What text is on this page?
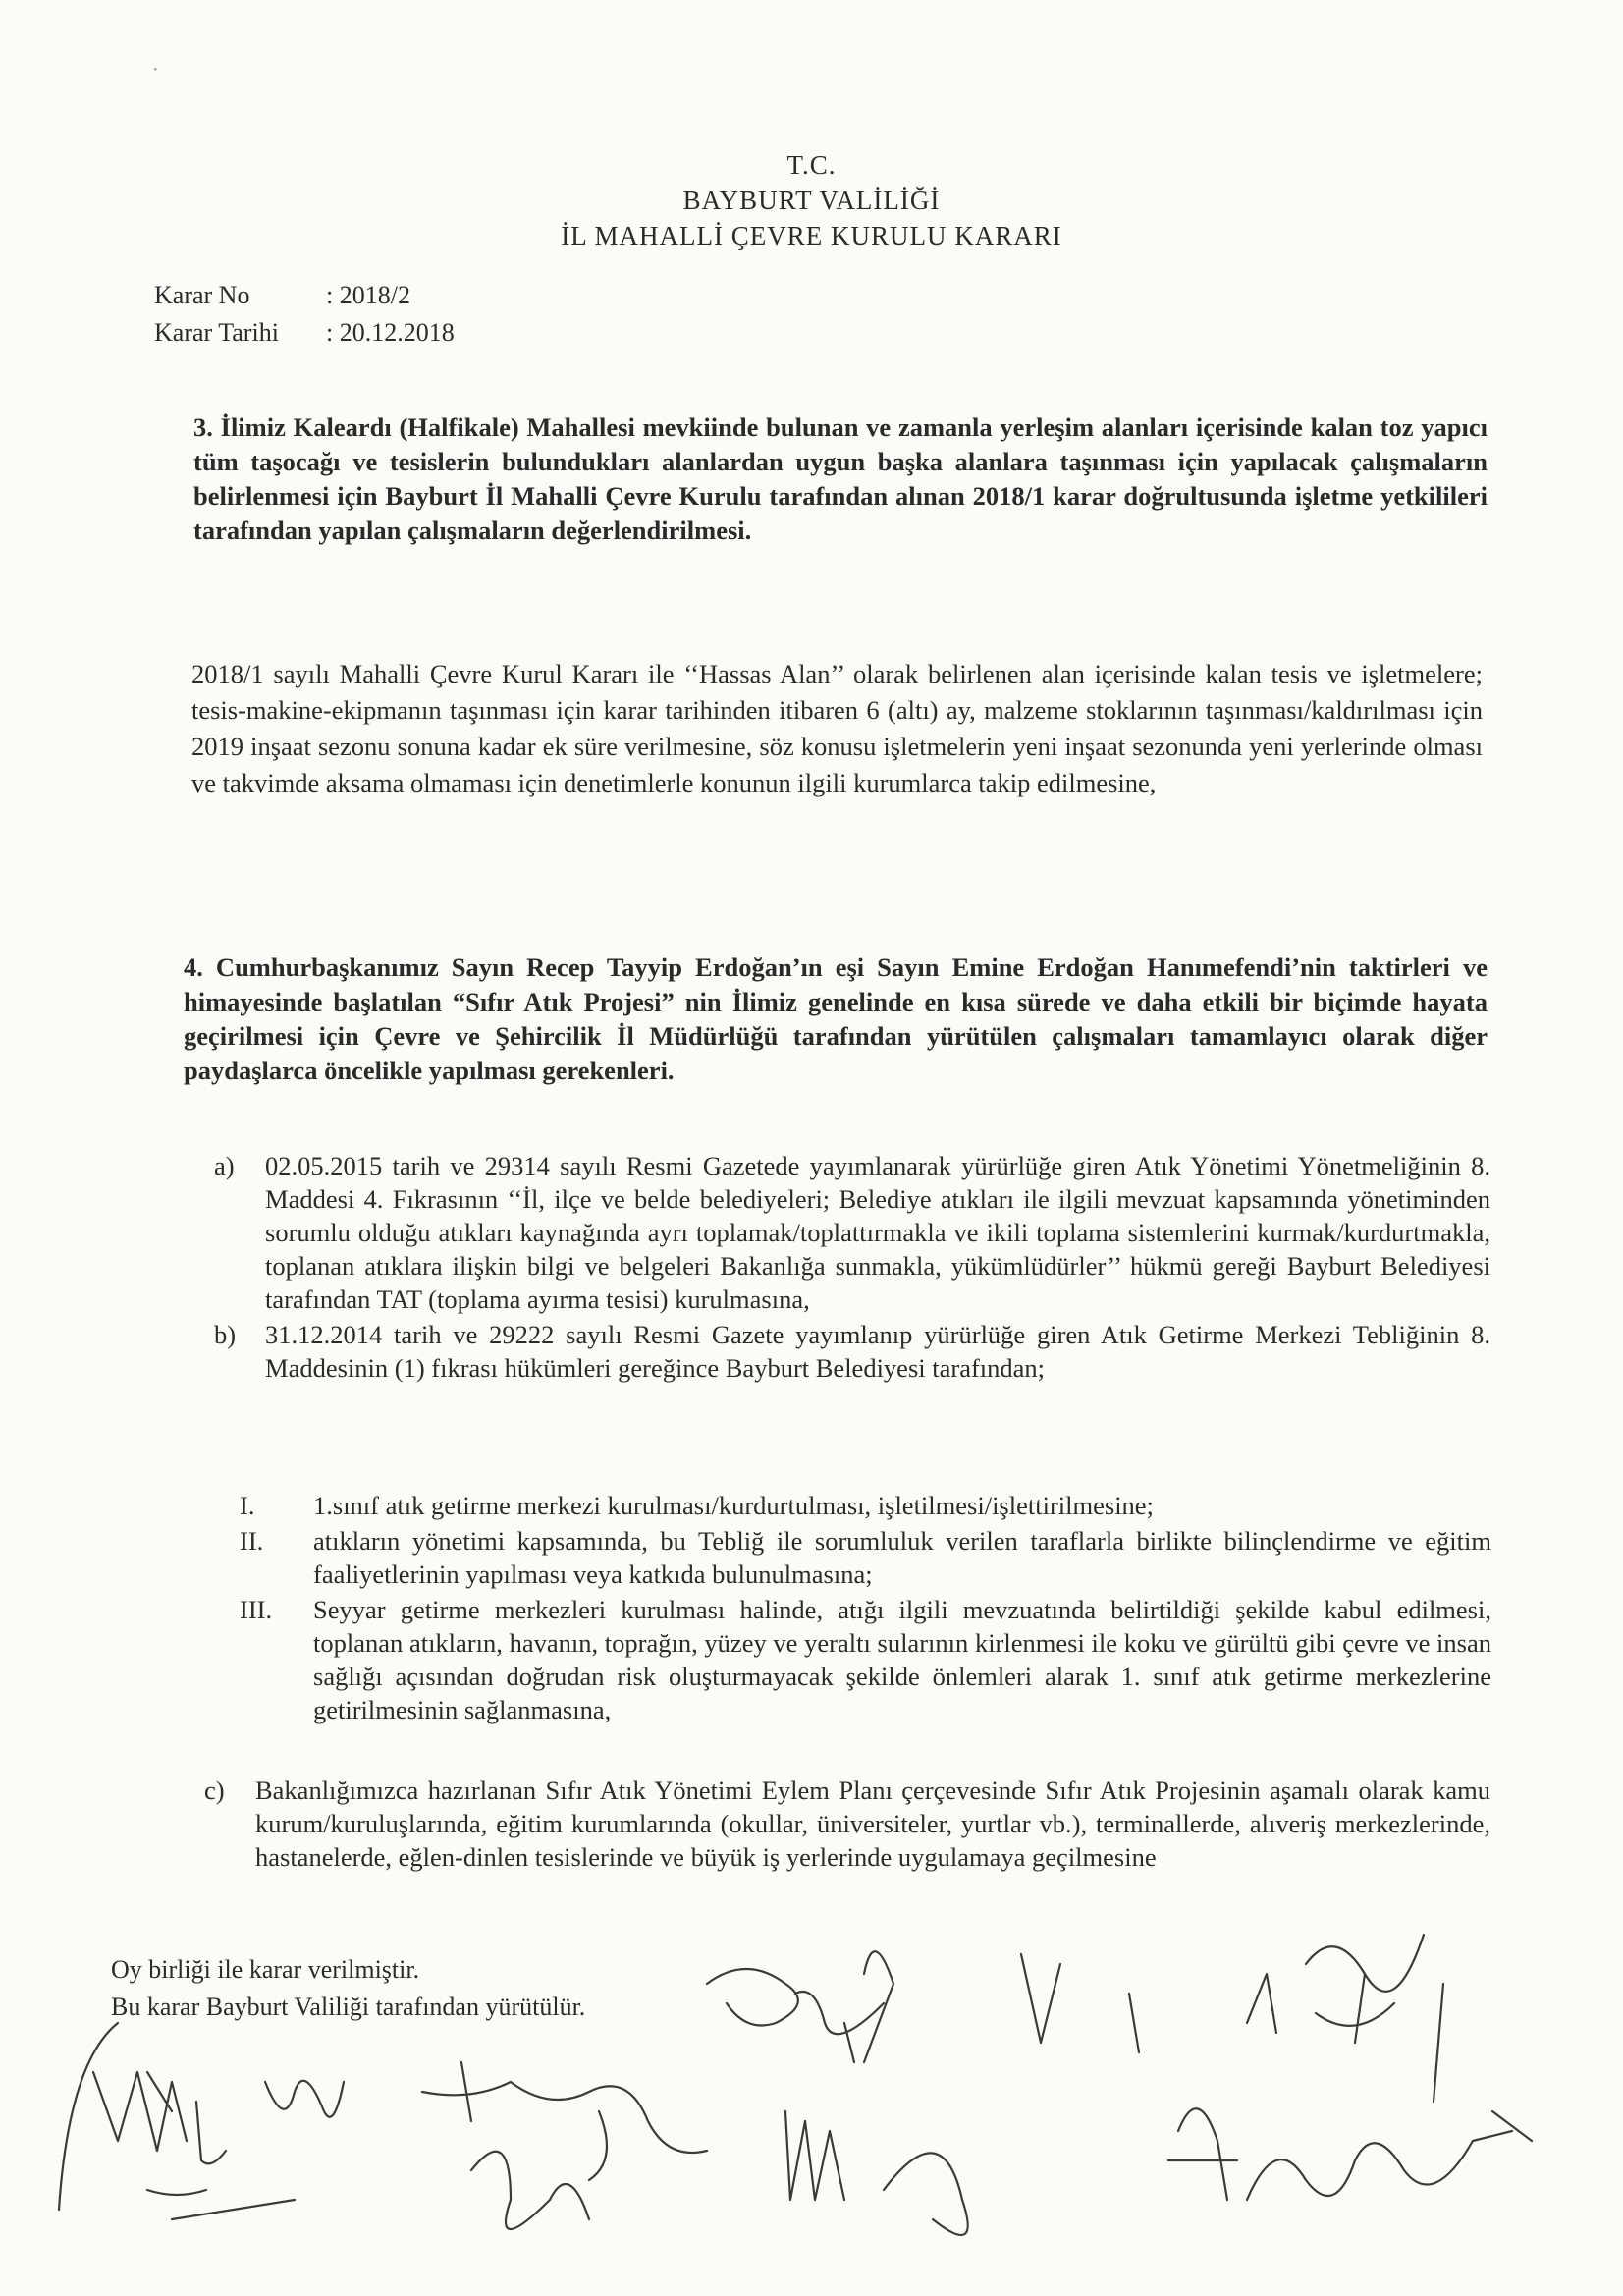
·
T.C.
BAYBURT VALİLİĞİ
İL MAHALLİ ÇEVRE KURULU KARARI
Karar No	: 2018/2
Karar Tarihi	: 20.12.2018
3. İlimiz Kaleardı (Halfikale) Mahallesi mevkiinde bulunan ve zamanla yerleşim alanları içerisinde kalan toz yapıcı tüm taşocağı ve tesislerin bulundukları alanlardan uygun başka alanlara taşınması için yapılacak çalışmaların belirlenmesi için Bayburt İl Mahalli Çevre Kurulu tarafından alınan 2018/1 karar doğrultusunda işletme yetkilileri tarafından yapılan çalışmaların değerlendirilmesi.
2018/1 sayılı Mahalli Çevre Kurul Kararı ile ‘‘Hassas Alan’’ olarak belirlenen alan içerisinde kalan tesis ve işletmelere; tesis-makine-ekipmanın taşınması için karar tarihinden itibaren 6 (altı) ay, malzeme stoklarının taşınması/kaldırılması için 2019 inşaat sezonu sonuna kadar ek süre verilmesine, söz konusu işletmelerin yeni inşaat sezonunda yeni yerlerinde olması ve takvimde aksama olmaması için denetimlerle konunun ilgili kurumlarca takip edilmesine,
4. Cumhurbaşkanımız Sayın Recep Tayyip Erdoğan’ın eşi Sayın Emine Erdoğan Hanımefendi’nin taktirleri ve himayesinde başlatılan “Sıfır Atık Projesi” nin İlimiz genelinde en kısa sürede ve daha etkili bir biçimde hayata geçirilmesi için Çevre ve Şehircilik İl Müdürlüğü tarafından yürütülen çalışmaları tamamlayıcı olarak diğer paydaşlarca öncelikle yapılması gerekenleri.
a)	02.05.2015 tarih ve 29314 sayılı Resmi Gazetede yayımlanarak yürürlüğe giren Atık Yönetimi Yönetmeliğinin 8. Maddesi 4. Fıkrasının ‘‘İl, ilçe ve belde belediyeleri; Belediye atıkları ile ilgili mevzuat kapsamında yönetiminden sorumlu olduğu atıkları kaynağında ayrı toplamak/toplattırmakla ve ikili toplama sistemlerini kurmak/kurdurtmakla, toplanan atıklara ilişkin bilgi ve belgeleri Bakanlığa sunmakla, yükümlüdürler’’ hükmü gereği Bayburt Belediyesi tarafından TAT (toplama ayırma tesisi) kurulmasına,
b)	31.12.2014 tarih ve 29222 sayılı Resmi Gazete yayımlanıp yürürlüğe giren Atık Getirme Merkezi Tebliğinin 8. Maddesinin (1) fıkrası hükümleri gereğince Bayburt Belediyesi tarafından;
I.	1.sınıf atık getirme merkezi kurulması/kurdurtulması, işletilmesi/işlettirilmesine;
II.	atıkların yönetimi kapsamında, bu Tebliğ ile sorumluluk verilen taraflarla birlikte bilinçlendirme ve eğitim faaliyetlerinin yapılması veya katkıda bulunulmasına;
III.	Seyyar getirme merkezleri kurulması halinde, atığı ilgili mevzuatında belirtildiği şekilde kabul edilmesi, toplanan atıkların, havanın, toprağın, yüzey ve yeraltı sularının kirlenmesi ile koku ve gürültü gibi çevre ve insan sağlığı açısından doğrudan risk oluşturmayacak şekilde önlemleri alarak 1. sınıf atık getirme merkezlerine getirilmesinin sağlanmasına,
c)	Bakanlığımızca hazırlanan Sıfır Atık Yönetimi Eylem Planı çerçevesinde Sıfır Atık Projesinin aşamalı olarak kamu kurum/kuruluşlarında, eğitim kurumlarında (okullar, üniversiteler, yurtlar vb.), terminallerde, alıveriş merkezlerinde, hastanelerde, eğlen-dinlen tesislerinde ve büyük iş yerlerinde uygulamaya geçilmesine
Oy birliği ile karar verilmiştir.
Bu karar Bayburt Valiliği tarafından yürütülür.
